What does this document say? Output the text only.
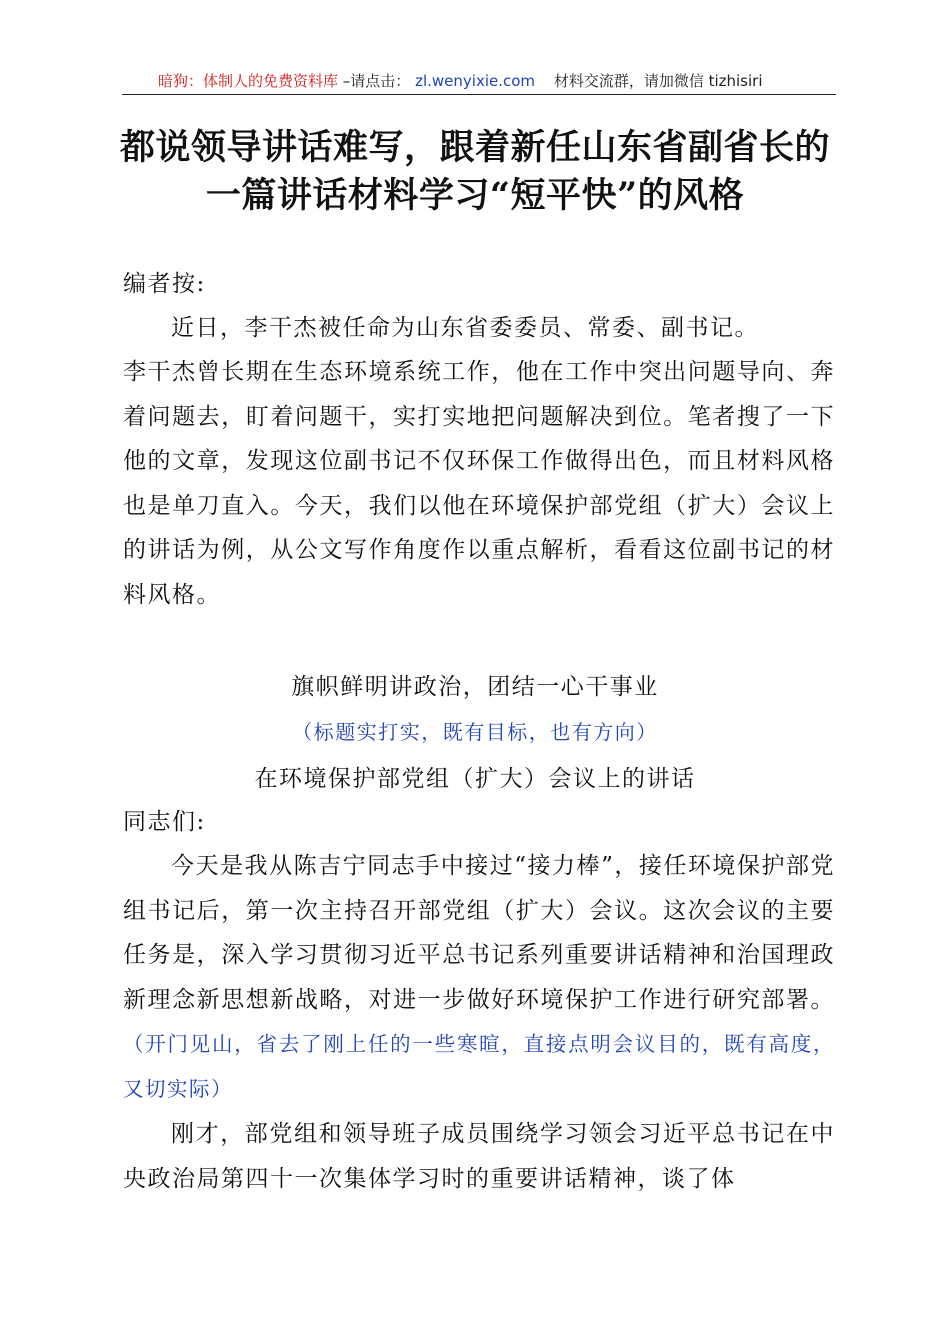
暗狗：体制人的免费资料库 –请点击： zl.wenyixie.com 材料交流群，请加微信 tizhisiri
都说领导讲话难写，跟着新任山东省副省长的
一篇讲话材料学习“短平快”的风格
编者按:
近日，李干杰被任命为山东省委委员、常委、副书记。
李干杰曾长期在生态环境系统工作，他在工作中突出问题导向、奔着问题去，盯着问题干，实打实地把问题解决到位。笔者搜了一下他的文章，发现这位副书记不仅环保工作做得出色，而且材料风格也是单刀直入。今天，我们以他在环境保护部党组（扩大）会议上的讲话为例，从公文写作角度作以重点解析，看看这位副书记的材料风格。
旗帜鲜明讲政治，团结一心干事业
（标题实打实，既有目标，也有方向）
在环境保护部党组（扩大）会议上的讲话
同志们:
今天是我从陈吉宁同志手中接过“接力棒”，接任环境保护部党组书记后，第一次主持召开部党组（扩大）会议。这次会议的主要任务是，深入学习贯彻习近平总书记系列重要讲话精神和治国理政新理念新思想新战略，对进一步做好环境保护工作进行研究部署。（开门见山，省去了刚上任的一些寒暄，直接点明会议目的，既有高度，又切实际）
刚才，部党组和领导班子成员围绕学习领会习近平总书记在中央政治局第四十一次集体学习时的重要讲话精神，谈了体
